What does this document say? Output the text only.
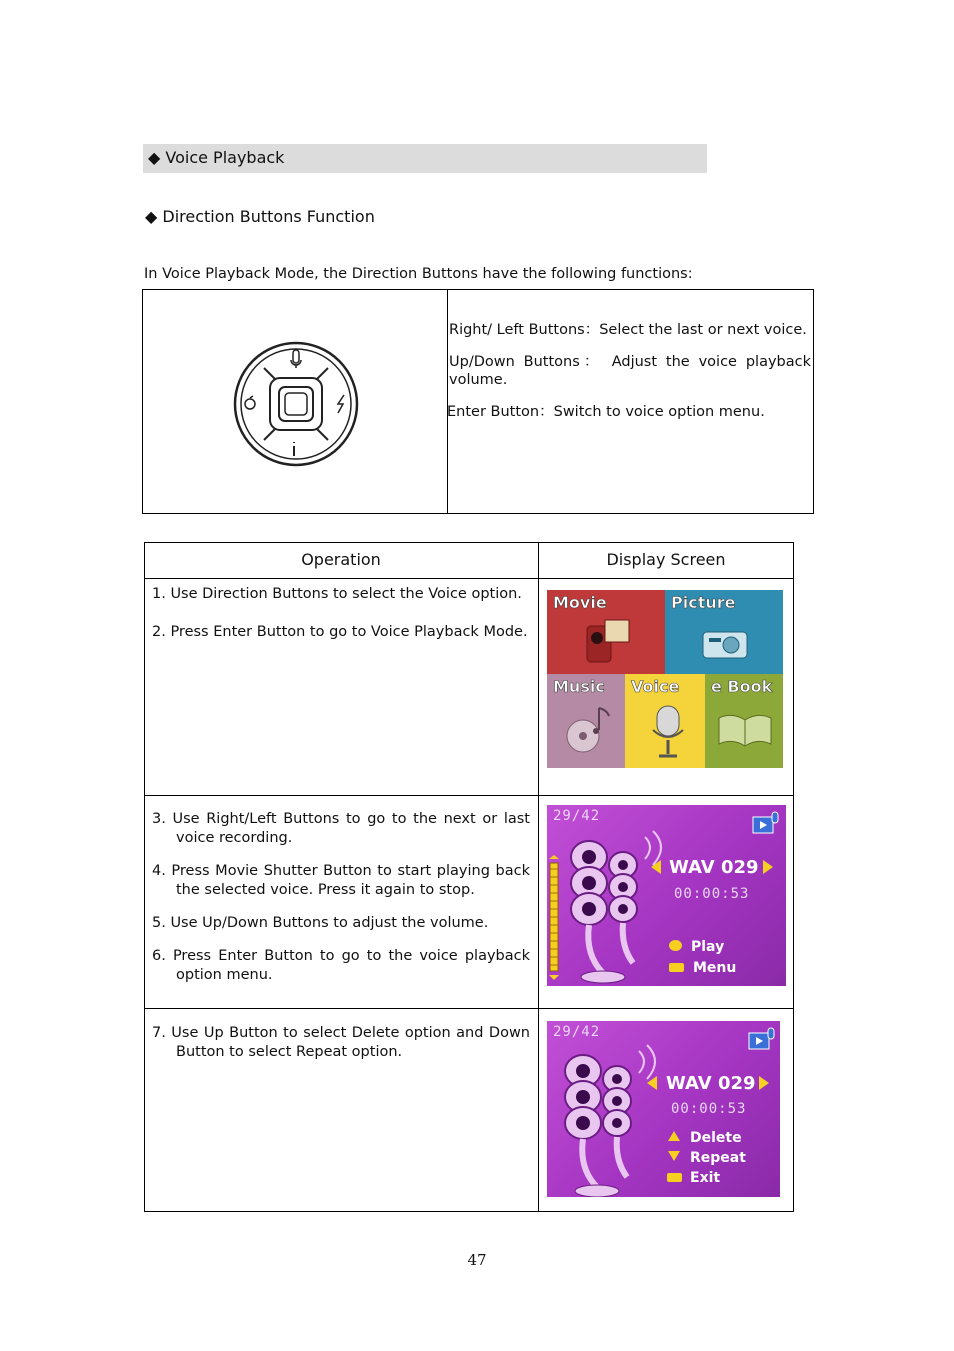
◆ Voice Playback
◆ Direction Buttons Function
In Voice Playback Mode, the Direction Buttons have the following functions:
Right/ Left Buttons：Select the last or next voice.
Up/Down Buttons： Adjust the voice playback volume.
Enter Button：Switch to voice option menu.
Operation	Display Screen
1. Use Direction Buttons to select the Voice option.
2. Press Enter Button to go to Voice Playback Mode.
3. Use Right/Left Buttons to go to the next or last voice recording.
4. Press Movie Shutter Button to start playing back the selected voice. Press it again to stop.
5. Use Up/Down Buttons to adjust the volume.
6. Press Enter Button to go to the voice playback option menu.
7. Use Up Button to select Delete option and Down Button to select Repeat option.
Movie	Picture
Music	Voice	e Book
29/42
WAV 029
00:00:53
Play
Menu
29/42
WAV 029
00:00:53
Delete
Repeat
Exit
47
